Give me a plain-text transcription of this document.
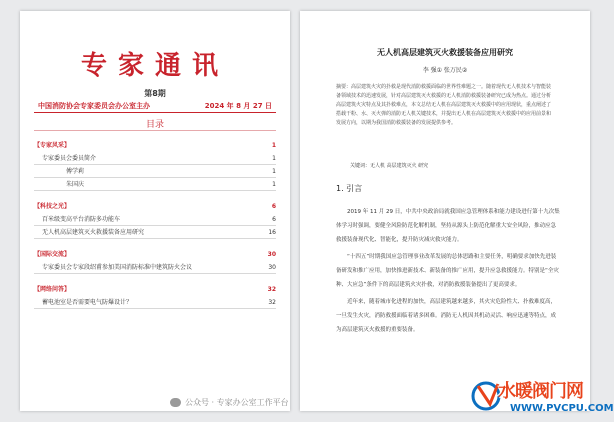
专家通讯
第8期
中国消防协会专家委员会办公室主办	2024 年 8 月 27 日
目录
【专家风采】	1
专家委员会委员简介	1
傅学莉	1
朱国庆	1
【科技之光】	6
百米级变高平台消防多功能车	6
无人机高层建筑灭火救援装备应用研究	16
【国际交流】	30
专家委员会专家段绍甫参加美国消防标准中建筑防火会议	30
【网络问答】	32
蓄电池室是否需要电气防爆设计？	32
公众号 · 专家办公室工作平台
无人机高层建筑灭火救援装备应用研究
李 强① 张万民②
摘要：高层建筑火灾的扑救是现代消防救援面临的世界性难题之一。随着现代无人机技术与智能装备领域技术的迅速发展，针对高层建筑灭火救援的无人机消防救援装备研究已成为热点。通过分析高层建筑火灾特点及其扑救难点，本文总结无人机在高层建筑灭火救援中的应用现状，重点阐述了搭载干粉、水、灭火弹的消防无人机关键技术，并提出无人机在高层建筑灭火救援中的应用前景和发展方向，以期为我国消防救援装备的发展提供参考。
关键词：无人机 高层建筑灭火 研究
1. 引言

2019 年 11 月 29 日，中共中央政治局就我国应急管理体系和能力建设进行第十九次集体学习时强调，要健全风险防范化解机制，坚持从源头上防范化解重大安全风险，推动应急救援装备现代化、智能化，提升防灾减灾救灾能力。

“十四五”时期我国应急管理事业改革发展的总体思路和主要任务，明确要求加快先进装备研发和推广应用，加快推进新技术、新装备的推广应用，提升应急救援能力。特别是“全灾种、大应急”条件下的高层建筑火灾扑救，对消防救援装备提出了更高要求。

近年来，随着城市化进程的加快，高层建筑越来越多，其火灾危险性大、扑救难度高，一旦发生火灾，消防救援面临着诸多困难。消防无人机因其机动灵活、响应迅速等特点，成为高层建筑灭火救援的重要装备。

水暖阀门网
WWW.PVCPU.COM
